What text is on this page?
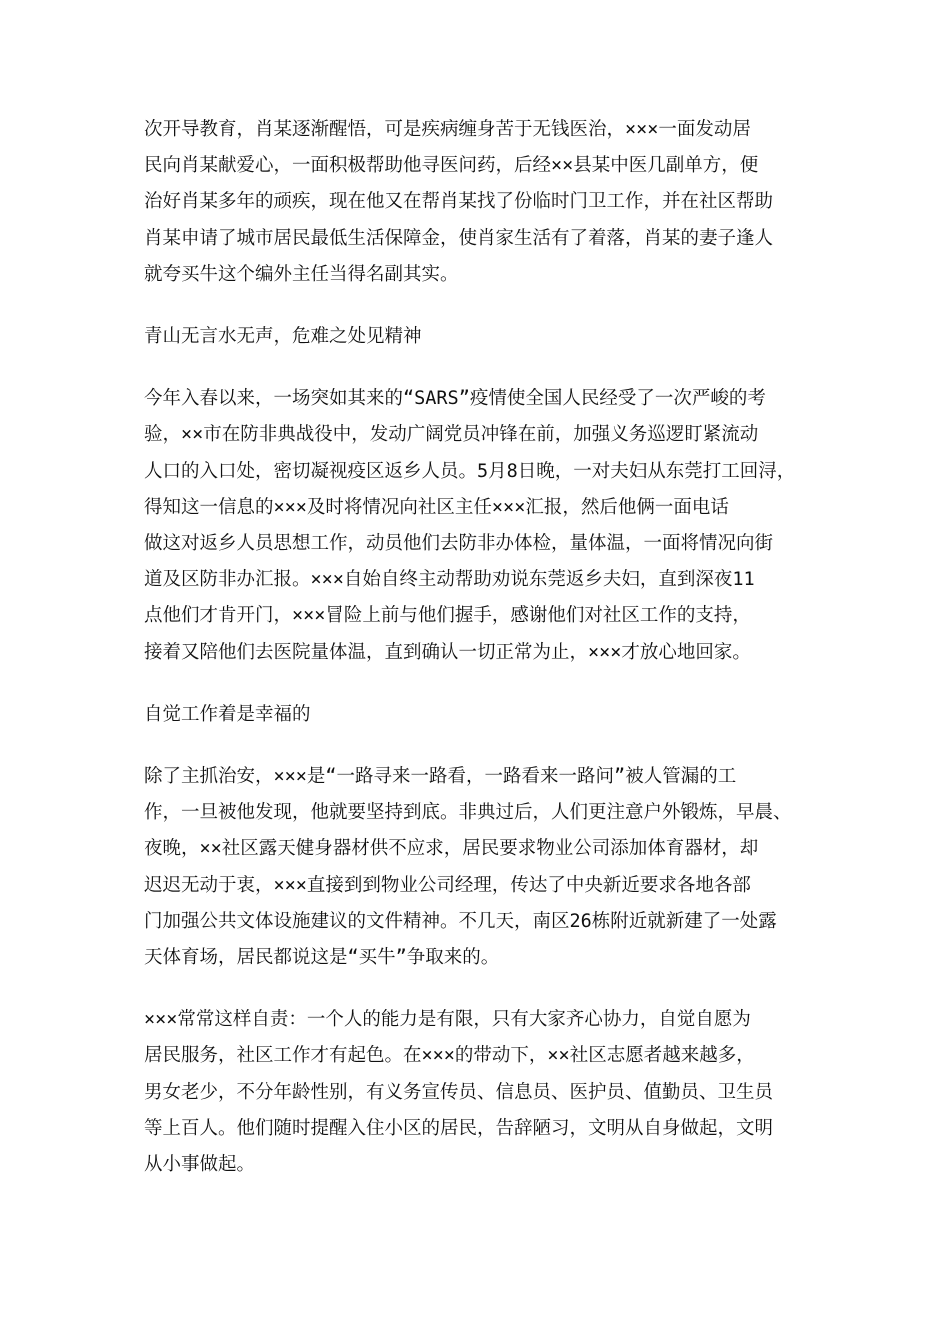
次开导教育，肖某逐渐醒悟，可是疾病缠身苦于无钱医治，×××一面发动居
民向肖某献爱心，一面积极帮助他寻医问药，后经××县某中医几副单方，便
治好肖某多年的顽疾，现在他又在帮肖某找了份临时门卫工作，并在社区帮助
肖某申请了城市居民最低生活保障金，使肖家生活有了着落，肖某的妻子逢人
就夸买牛这个编外主任当得名副其实。
青山无言水无声，危难之处见精神
今年入春以来，一场突如其来的“SARS”疫情使全国人民经受了一次严峻的考
验，××市在防非典战役中，发动广阔党员冲锋在前，加强义务巡逻盯紧流动
人口的入口处，密切凝视疫区返乡人员。5月8日晚，一对夫妇从东莞打工回浔，
得知这一信息的×××及时将情况向社区主任×××汇报，然后他俩一面电话
做这对返乡人员思想工作，动员他们去防非办体检，量体温，一面将情况向街
道及区防非办汇报。×××自始自终主动帮助劝说东莞返乡夫妇，直到深夜11
点他们才肯开门，×××冒险上前与他们握手，感谢他们对社区工作的支持，
接着又陪他们去医院量体温，直到确认一切正常为止，×××才放心地回家。
自觉工作着是幸福的
除了主抓治安，×××是“一路寻来一路看，一路看来一路问”被人管漏的工
作，一旦被他发现，他就要坚持到底。非典过后，人们更注意户外锻炼，早晨、
夜晚，××社区露天健身器材供不应求，居民要求物业公司添加体育器材，却
迟迟无动于衷，×××直接到到物业公司经理，传达了中央新近要求各地各部
门加强公共文体设施建议的文件精神。不几天，南区26栋附近就新建了一处露
天体育场，居民都说这是“买牛”争取来的。
×××常常这样自责：一个人的能力是有限，只有大家齐心协力，自觉自愿为
居民服务，社区工作才有起色。在×××的带动下，××社区志愿者越来越多，
男女老少，不分年龄性别，有义务宣传员、信息员、医护员、值勤员、卫生员
等上百人。他们随时提醒入住小区的居民，告辞陋习，文明从自身做起，文明
从小事做起。
